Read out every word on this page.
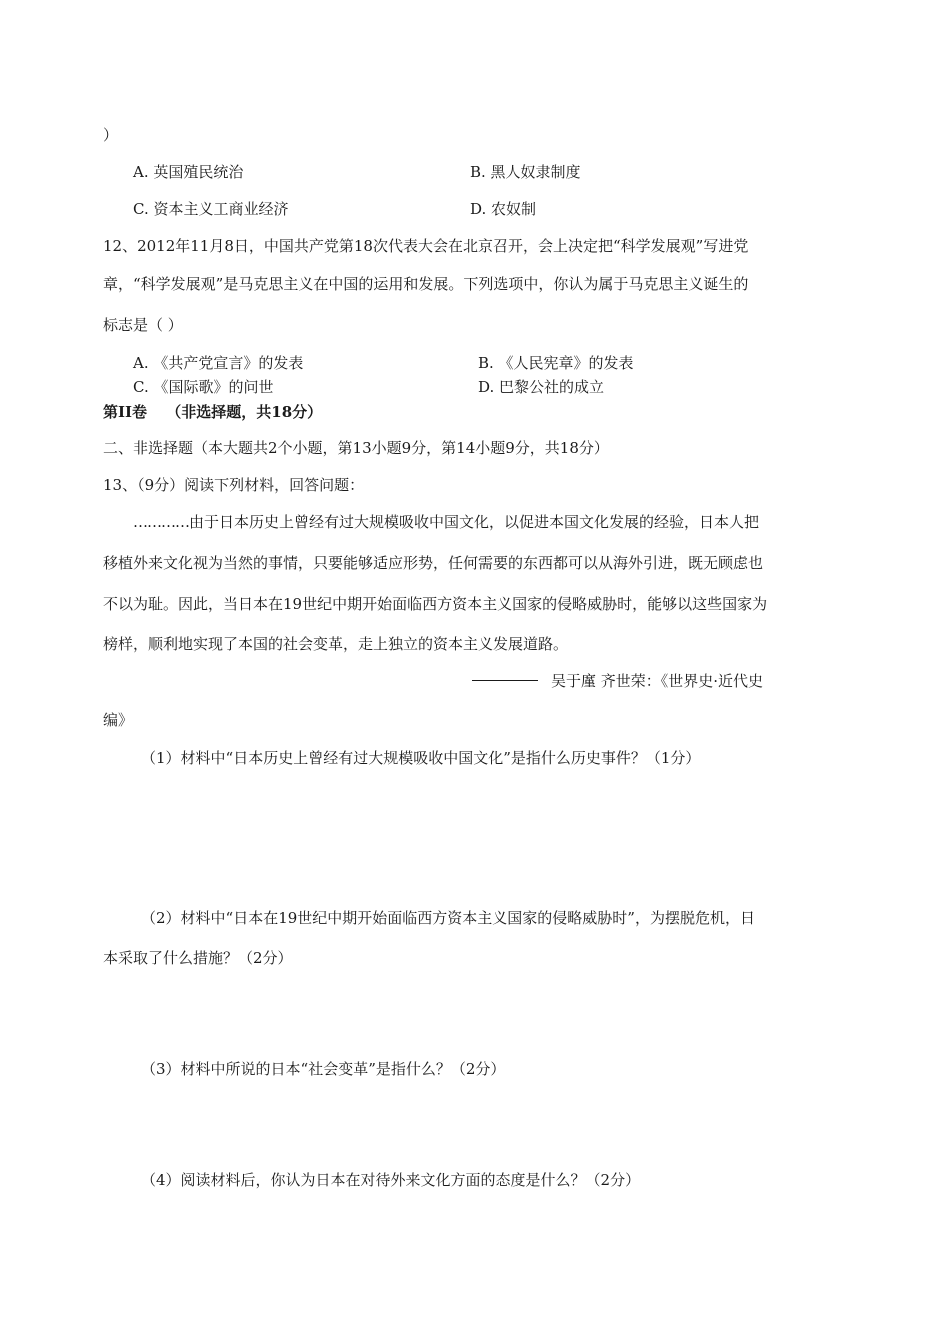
）
A. 英国殖民统治	B. 黑人奴隶制度
C. 资本主义工商业经济	D. 农奴制
12、2012年11月8日，中国共产党第18次代表大会在北京召开，会上决定把“科学发展观”写进党
章，“科学发展观”是马克思主义在中国的运用和发展。下列选项中，你认为属于马克思主义诞生的
标志是（ ）
A. 《共产党宣言》的发表	B. 《人民宪章》的发表
C. 《国际歌》的问世	D. 巴黎公社的成立
第II卷 （非选择题，共18分）
二、非选择题（本大题共2个小题，第13小题9分，第14小题9分，共18分）
13、（9分）阅读下列材料，回答问题：
…………由于日本历史上曾经有过大规模吸收中国文化，以促进本国文化发展的经验，日本人把
移植外来文化视为当然的事情，只要能够适应形势，任何需要的东西都可以从海外引进，既无顾虑也
不以为耻。因此，当日本在19世纪中期开始面临西方资本主义国家的侵略威胁时，能够以这些国家为
榜样，顺利地实现了本国的社会变革，走上独立的资本主义发展道路。
吴于廑 齐世荣：《世界史·近代史
编》
（1）材料中“日本历史上曾经有过大规模吸收中国文化”是指什么历史事件？（1分）
（2）材料中“日本在19世纪中期开始面临西方资本主义国家的侵略威胁时”，为摆脱危机，日
本采取了什么措施？（2分）
（3）材料中所说的日本“社会变革”是指什么？（2分）
（4）阅读材料后，你认为日本在对待外来文化方面的态度是什么？（2分）
